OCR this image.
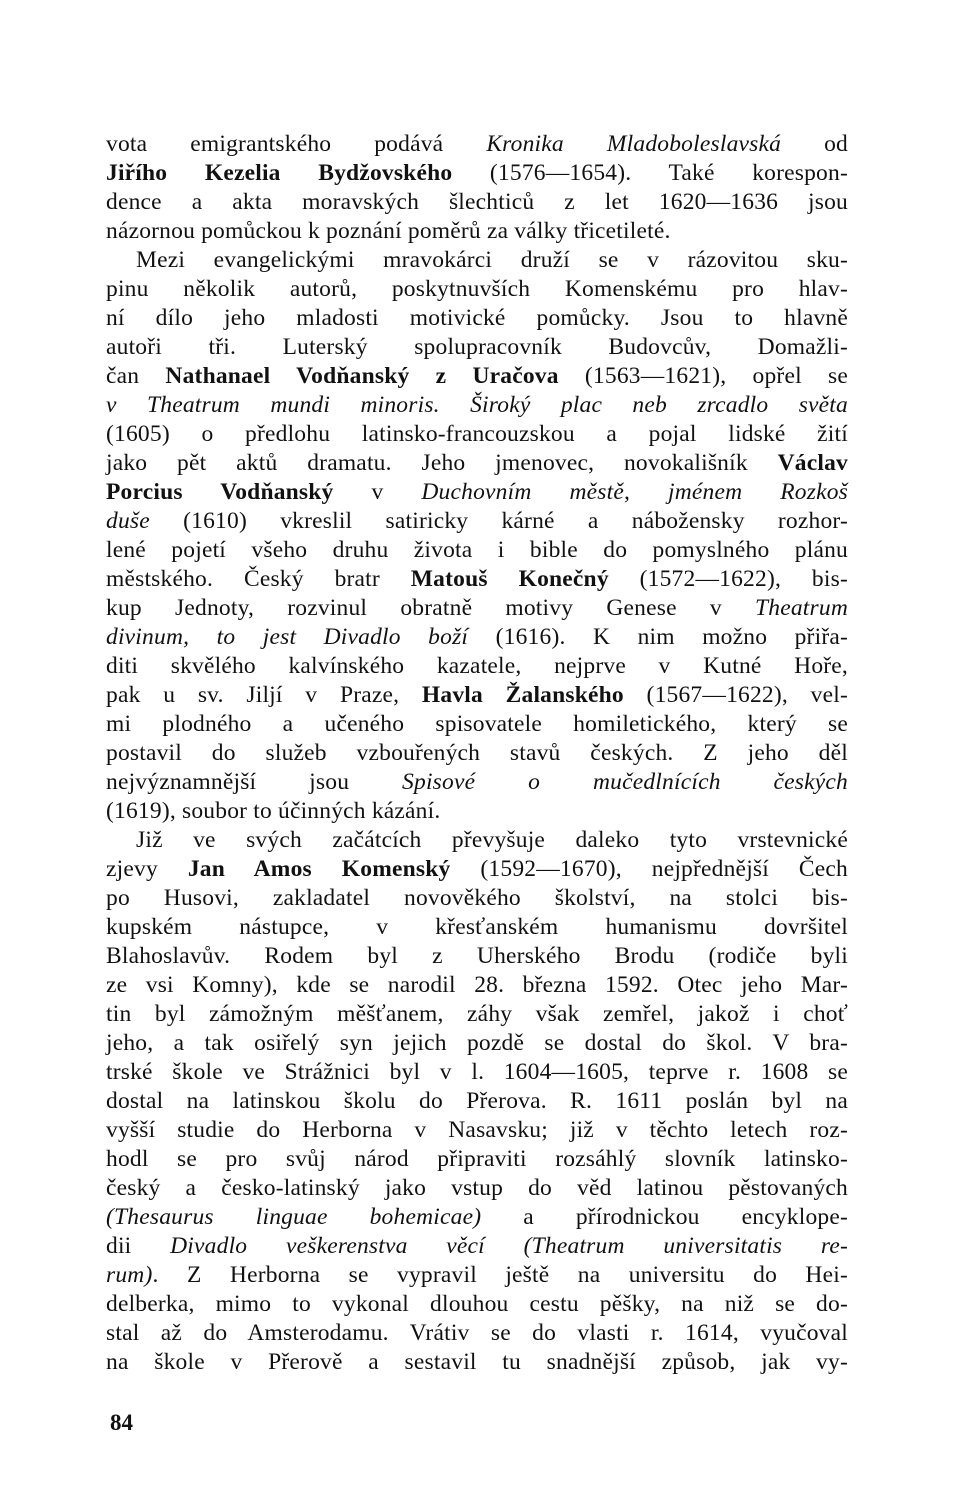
vota emigrantského podává Kronika Mladoboleslavská od
Jiřího Kezelia Bydžovského (1576—1654). Také korespon-
dence a akta moravských šlechticů z let 1620—1636 jsou
názornou pomůckou k poznání poměrů za války třicetileté.
Mezi evangelickými mravokárci druží se v rázovitou sku-
pinu několik autorů, poskytnuvších Komenskému pro hlav-
ní dílo jeho mladosti motivické pomůcky. Jsou to hlavně
autoři tři. Luterský spolupracovník Budovcův, Domažli-
čan Nathanael Vodňanský z Uračova (1563—1621), opřel se
v Theatrum mundi minoris. Široký plac neb zrcadlo světa
(1605) o předlohu latinsko-francouzskou a pojal lidské žití
jako pět aktů dramatu. Jeho jmenovec, novokališník Václav
Porcius Vodňanský v Duchovním městě, jménem Rozkoš
duše (1610) vkreslil satiricky kárné a nábožensky rozhor-
lené pojetí všeho druhu života i bible do pomyslného plánu
městského. Český bratr Matouš Konečný (1572—1622), bis-
kup Jednoty, rozvinul obratně motivy Genese v Theatrum
divinum, to jest Divadlo boží (1616). K nim možno přiřa-
diti skvělého kalvínského kazatele, nejprve v Kutné Hoře,
pak u sv. Jiljí v Praze, Havla Žalanského (1567—1622), vel-
mi plodného a učeného spisovatele homiletického, který se
postavil do služeb vzbouřených stavů českých. Z jeho děl
nejvýznamnější jsou Spisové o mučedlnících českých
(1619), soubor to účinných kázání.
Již ve svých začátcích převyšuje daleko tyto vrstevnické
zjevy Jan Amos Komenský (1592—1670), nejpřednější Čech
po Husovi, zakladatel novověkého školství, na stolci bis-
kupském nástupce, v křesťanském humanismu dovršitel
Blahoslavův. Rodem byl z Uherského Brodu (rodiče byli
ze vsi Komny), kde se narodil 28. března 1592. Otec jeho Mar-
tin byl zámožným měšťanem, záhy však zemřel, jakož i choť
jeho, a tak osiřelý syn jejich pozdě se dostal do škol. V bra-
trské škole ve Strážnici byl v l. 1604—1605, teprve r. 1608 se
dostal na latinskou školu do Přerova. R. 1611 poslán byl na
vyšší studie do Herborna v Nasavsku; již v těchto letech roz-
hodl se pro svůj národ připraviti rozsáhlý slovník latinsko-
český a česko-latinský jako vstup do věd latinou pěstovaných
(Thesaurus linguae bohemicae) a přírodnickou encyklope-
dii Divadlo veškerenstva věcí (Theatrum universitatis re-
rum). Z Herborna se vypravil ještě na universitu do Hei-
delberka, mimo to vykonal dlouhou cestu pěšky, na niž se do-
stal až do Amsterodamu. Vrátiv se do vlasti r. 1614, vyučoval
na škole v Přerově a sestavil tu snadnější způsob, jak vy-
84
